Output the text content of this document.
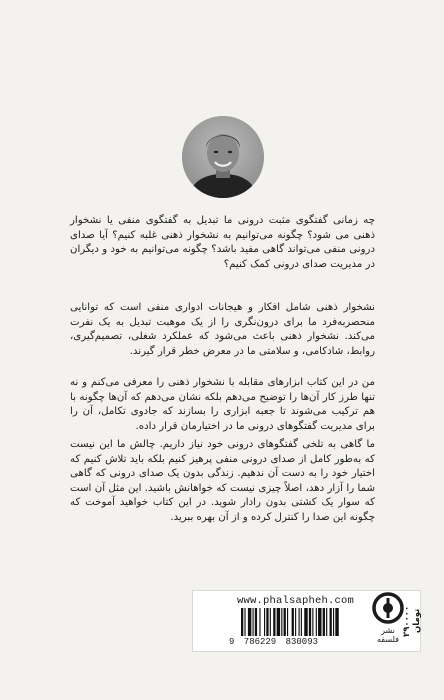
چه زمانی گفتگوی مثبت درونی ما تبدیل به گفتگوی منفی یا نشخوار ذهنی می شود؟ چگونه می‌توانیم به نشخوار ذهنی غلبه کنیم؟ آیا صدای درونی منفی می‌تواند گاهی مفید باشد؟ چگونه می‌توانیم به خود و دیگران در مدیریت صدای درونی کمک کنیم؟

نشخوار ذهنی شامل افکار و هیجانات ادواری منفی است که توانایی منحصربه‌فرد ما برای درون‌نگری را از یک موهبت تبدیل به یک نفرت می‌کند. نشخوار ذهنی باعث می‌شود که عملکرد شغلی، تصمیم‌گیری، روابط، شادکامی، و سلامتی ما در معرض خطر قرار گیرند.

من در این کتاب ابزارهای مقابله با نشخوار ذهنی را معرفی می‌کنم و نه تنها طرز کار آن‌ها را توضیح می‌دهم بلکه نشان می‌دهم که آن‌ها چگونه با هم ترکیب می‌شوند تا جعبه ابزاری را بسازند که جادوی تکامل، آن را برای مدیریت گفتگوهای درونی ما در اختیارمان قرار داده.

ما گاهی به تلخی گفتگوهای درونی خود نیاز داریم. چالش ما این نیست که به‌طور کامل از صدای درونی منفی پرهیز کنیم بلکه باید تلاش کنیم که اختیار خود را به دست آن ندهیم. زندگی بدون یک صدای درونی که گاهی شما را آزار دهد، اصلاً چیزی نیست که خواهانش باشید. این مثل آن است که سوار یک کشتی بدون رادار شوید. در این کتاب خواهید آموخت که چگونه این صدا را کنترل کرده و از آن بهره ببرید.

www.phalsapheh.com
9 786229 830093
۲۹۰۰۰۰ تومان
نشر فلسفه
